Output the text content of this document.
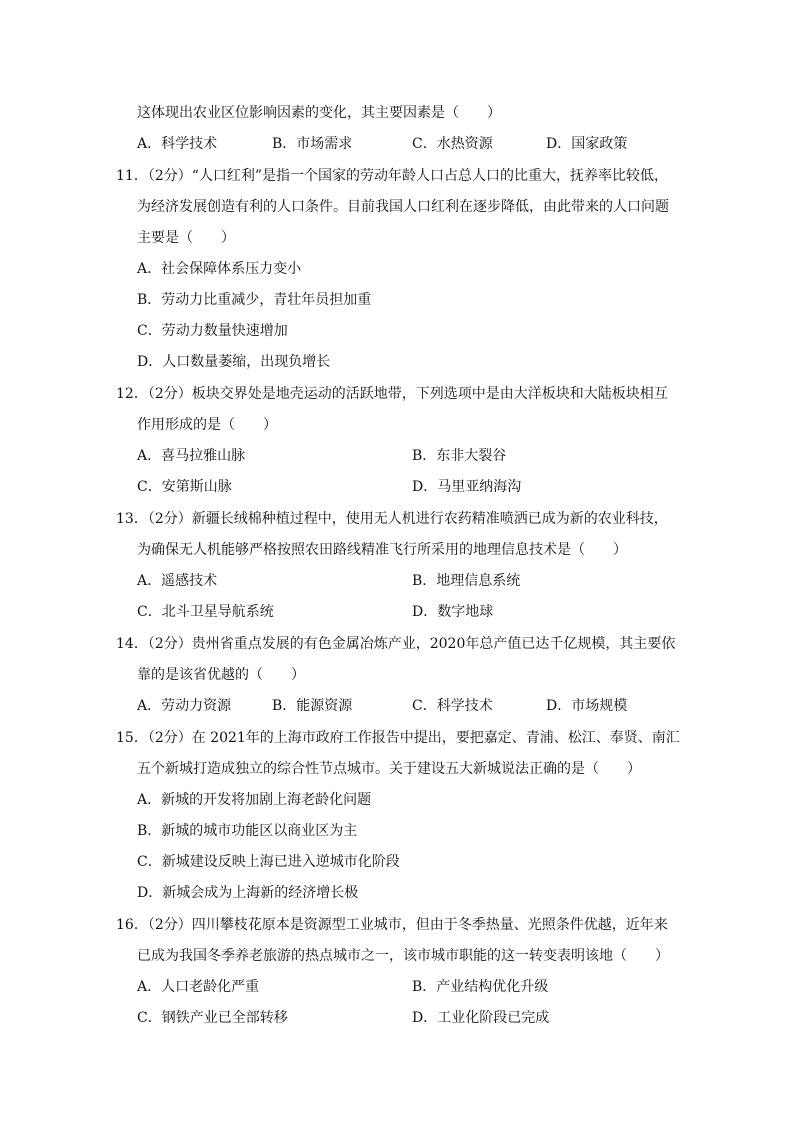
这体现出农业区位影响因素的变化，其主要因素是（　　）
A．科学技术	B．市场需求	C．水热资源	D．国家政策
11．（2分）“人口红利”是指一个国家的劳动年龄人口占总人口的比重大，抚养率比较低，
为经济发展创造有利的人口条件。目前我国人口红利在逐步降低，由此带来的人口问题
主要是（　　）
A．社会保障体系压力变小
B．劳动力比重减少，青壮年员担加重
C．劳动力数量快速增加
D．人口数量萎缩，出现负增长
12．（2分）板块交界处是地壳运动的活跃地带，下列选项中是由大洋板块和大陆板块相互
作用形成的是（　　）
A．喜马拉雅山脉	B．东非大裂谷
C．安第斯山脉	D．马里亚纳海沟
13．（2分）新疆长绒棉种植过程中，使用无人机进行农药精准喷洒已成为新的农业科技，
为确保无人机能够严格按照农田路线精准飞行所采用的地理信息技术是（　　）
A．遥感技术	B．地理信息系统
C．北斗卫星导航系统	D．数字地球
14．（2分）贵州省重点发展的有色金属冶炼产业，2020年总产值已达千亿规模，其主要依
靠的是该省优越的（　　）
A．劳动力资源	B．能源资源	C．科学技术	D．市场规模
15．（2分）在 2021年的上海市政府工作报告中提出，要把嘉定、青浦、松江、奉贤、南汇
五个新城打造成独立的综合性节点城市。关于建设五大新城说法正确的是（　　）
A．新城的开发将加剧上海老龄化问题
B．新城的城市功能区以商业区为主
C．新城建设反映上海已进入逆城市化阶段
D．新城会成为上海新的经济增长极
16．（2分）四川攀枝花原本是资源型工业城市，但由于冬季热量、光照条件优越，近年来
已成为我国冬季养老旅游的热点城市之一，该市城市职能的这一转变表明该地（　　）
A．人口老龄化严重	B．产业结构优化升级
C．钢铁产业已全部转移	D．工业化阶段已完成
